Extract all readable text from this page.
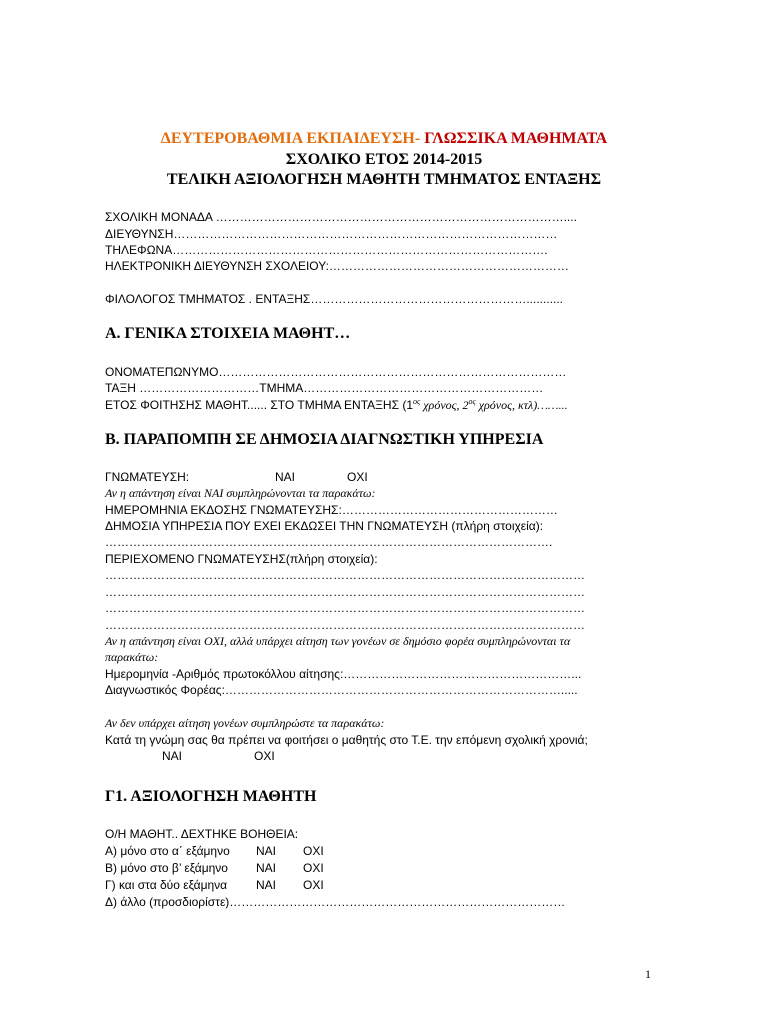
ΔΕΥΤΕΡΟΒΑΘΜΙΑ ΕΚΠΑΙΔΕΥΣΗ- ΓΛΩΣΣΙΚΑ ΜΑΘΗΜΑΤΑ
ΣΧΟΛΙΚΟ ΕΤΟΣ 2014-2015
ΤΕΛΙΚΗ ΑΞΙΟΛΟΓΗΣΗ ΜΑΘΗΤΗ ΤΜΗΜΑΤΟΣ ΕΝΤΑΞΗΣ
ΣΧΟΛΙΚΗ ΜΟΝΑΔΑ ……………………………………………………………………………....
ΔΙΕΥΘΥΝΣΗ……………………………………………………………………………………
ΤΗΛΕΦΩΝΑ………………………………………………………………………………….
ΗΛΕΚΤΡΟΝΙΚΗ ΔΙΕΥΘΥΝΣΗ ΣΧΟΛΕΙΟΥ:……………………………………………………
ΦΙΛΟΛΟΓΟΣ ΤΜΗΜΑΤΟΣ . ΕΝΤΑΞΗΣ………………………………………………...........
Α. ΓΕΝΙΚΑ ΣΤΟΙΧΕΙΑ ΜΑΘΗΤ…
ΟΝΟΜΑΤΕΠΩΝΥΜΟ……………………………………………………………………………
ΤΑΞΗ …………………………ΤΜΗΜΑ……………………………………………………
ΕΤΟΣ ΦΟΙΤΗΣΗΣ ΜΑΘΗΤ...... ΣΤΟ ΤΜΗΜΑ ΕΝΤΑΞΗΣ ($1^{o\varsigma}$ χρόνος, $2^{o\varsigma}$ χρόνος, κτλ)……...
Β. ΠΑΡΑΠΟΜΠΗ ΣΕ ΔΗΜΟΣΙΑ ΔΙΑΓΝΩΣΤΙΚΗ ΥΠΗΡΕΣΙΑ
ΓΝΩΜΑΤΕΥΣΗ:	ΝΑΙ	ΟΧΙ
Αν η απάντηση είναι ΝΑΙ συμπληρώνονται τα παρακάτω:
ΗΜΕΡΟΜΗΝΙΑ ΕΚΔΟΣΗΣ ΓΝΩΜΑΤΕΥΣΗΣ:………………………………………………
ΔΗΜΟΣΙΑ ΥΠΗΡΕΣΙΑ ΠΟΥ ΕΧΕΙ ΕΚΔΩΣΕΙ ΤΗΝ ΓΝΩΜΑΤΕΥΣΗ (πλήρη στοιχεία):
………………………………………………………………………………………………….
ΠΕΡΙΕΧΟΜΕΝΟ ΓΝΩΜΑΤΕΥΣΗΣ(πλήρη στοιχεία):
…………………………………………………………………………………………………………
…………………………………………………………………………………………………………
…………………………………………………………………………………………………………
…………………………………………………………………………………………………………
Αν η απάντηση είναι ΟΧΙ, αλλά υπάρχει αίτηση των γονέων σε δημόσιο φορέα συμπληρώνονται τα
παρακάτω:
Ημερομηνία -Αριθμός πρωτοκόλλου αίτησης:…………………………………………………...
Διαγνωστικός Φορέας:………………………………………………………………………….....
Αν δεν υπάρχει αίτηση γονέων συμπληρώστε τα παρακάτω:
Κατά τη γνώμη σας θα πρέπει να φοιτήσει ο μαθητής στο Τ.Ε. την επόμενη σχολική χρονιά;
ΝΑΙ	ΟΧΙ
Γ1. ΑΞΙΟΛΟΓΗΣΗ ΜΑΘΗΤΗ
Ο/Η ΜΑΘΗΤ.. ΔΕΧΤΗΚΕ ΒΟΗΘΕΙΑ:
Α) μόνο στο α΄ εξάμηνο ΝΑΙ ΟΧΙ
Β) μόνο στο β’ εξάμηνο ΝΑΙ ΟΧΙ
Γ) και στα δύο εξάμηνα ΝΑΙ ΟΧΙ
Δ) άλλο (προσδιορίστε)…………………………………………………………………………
1
